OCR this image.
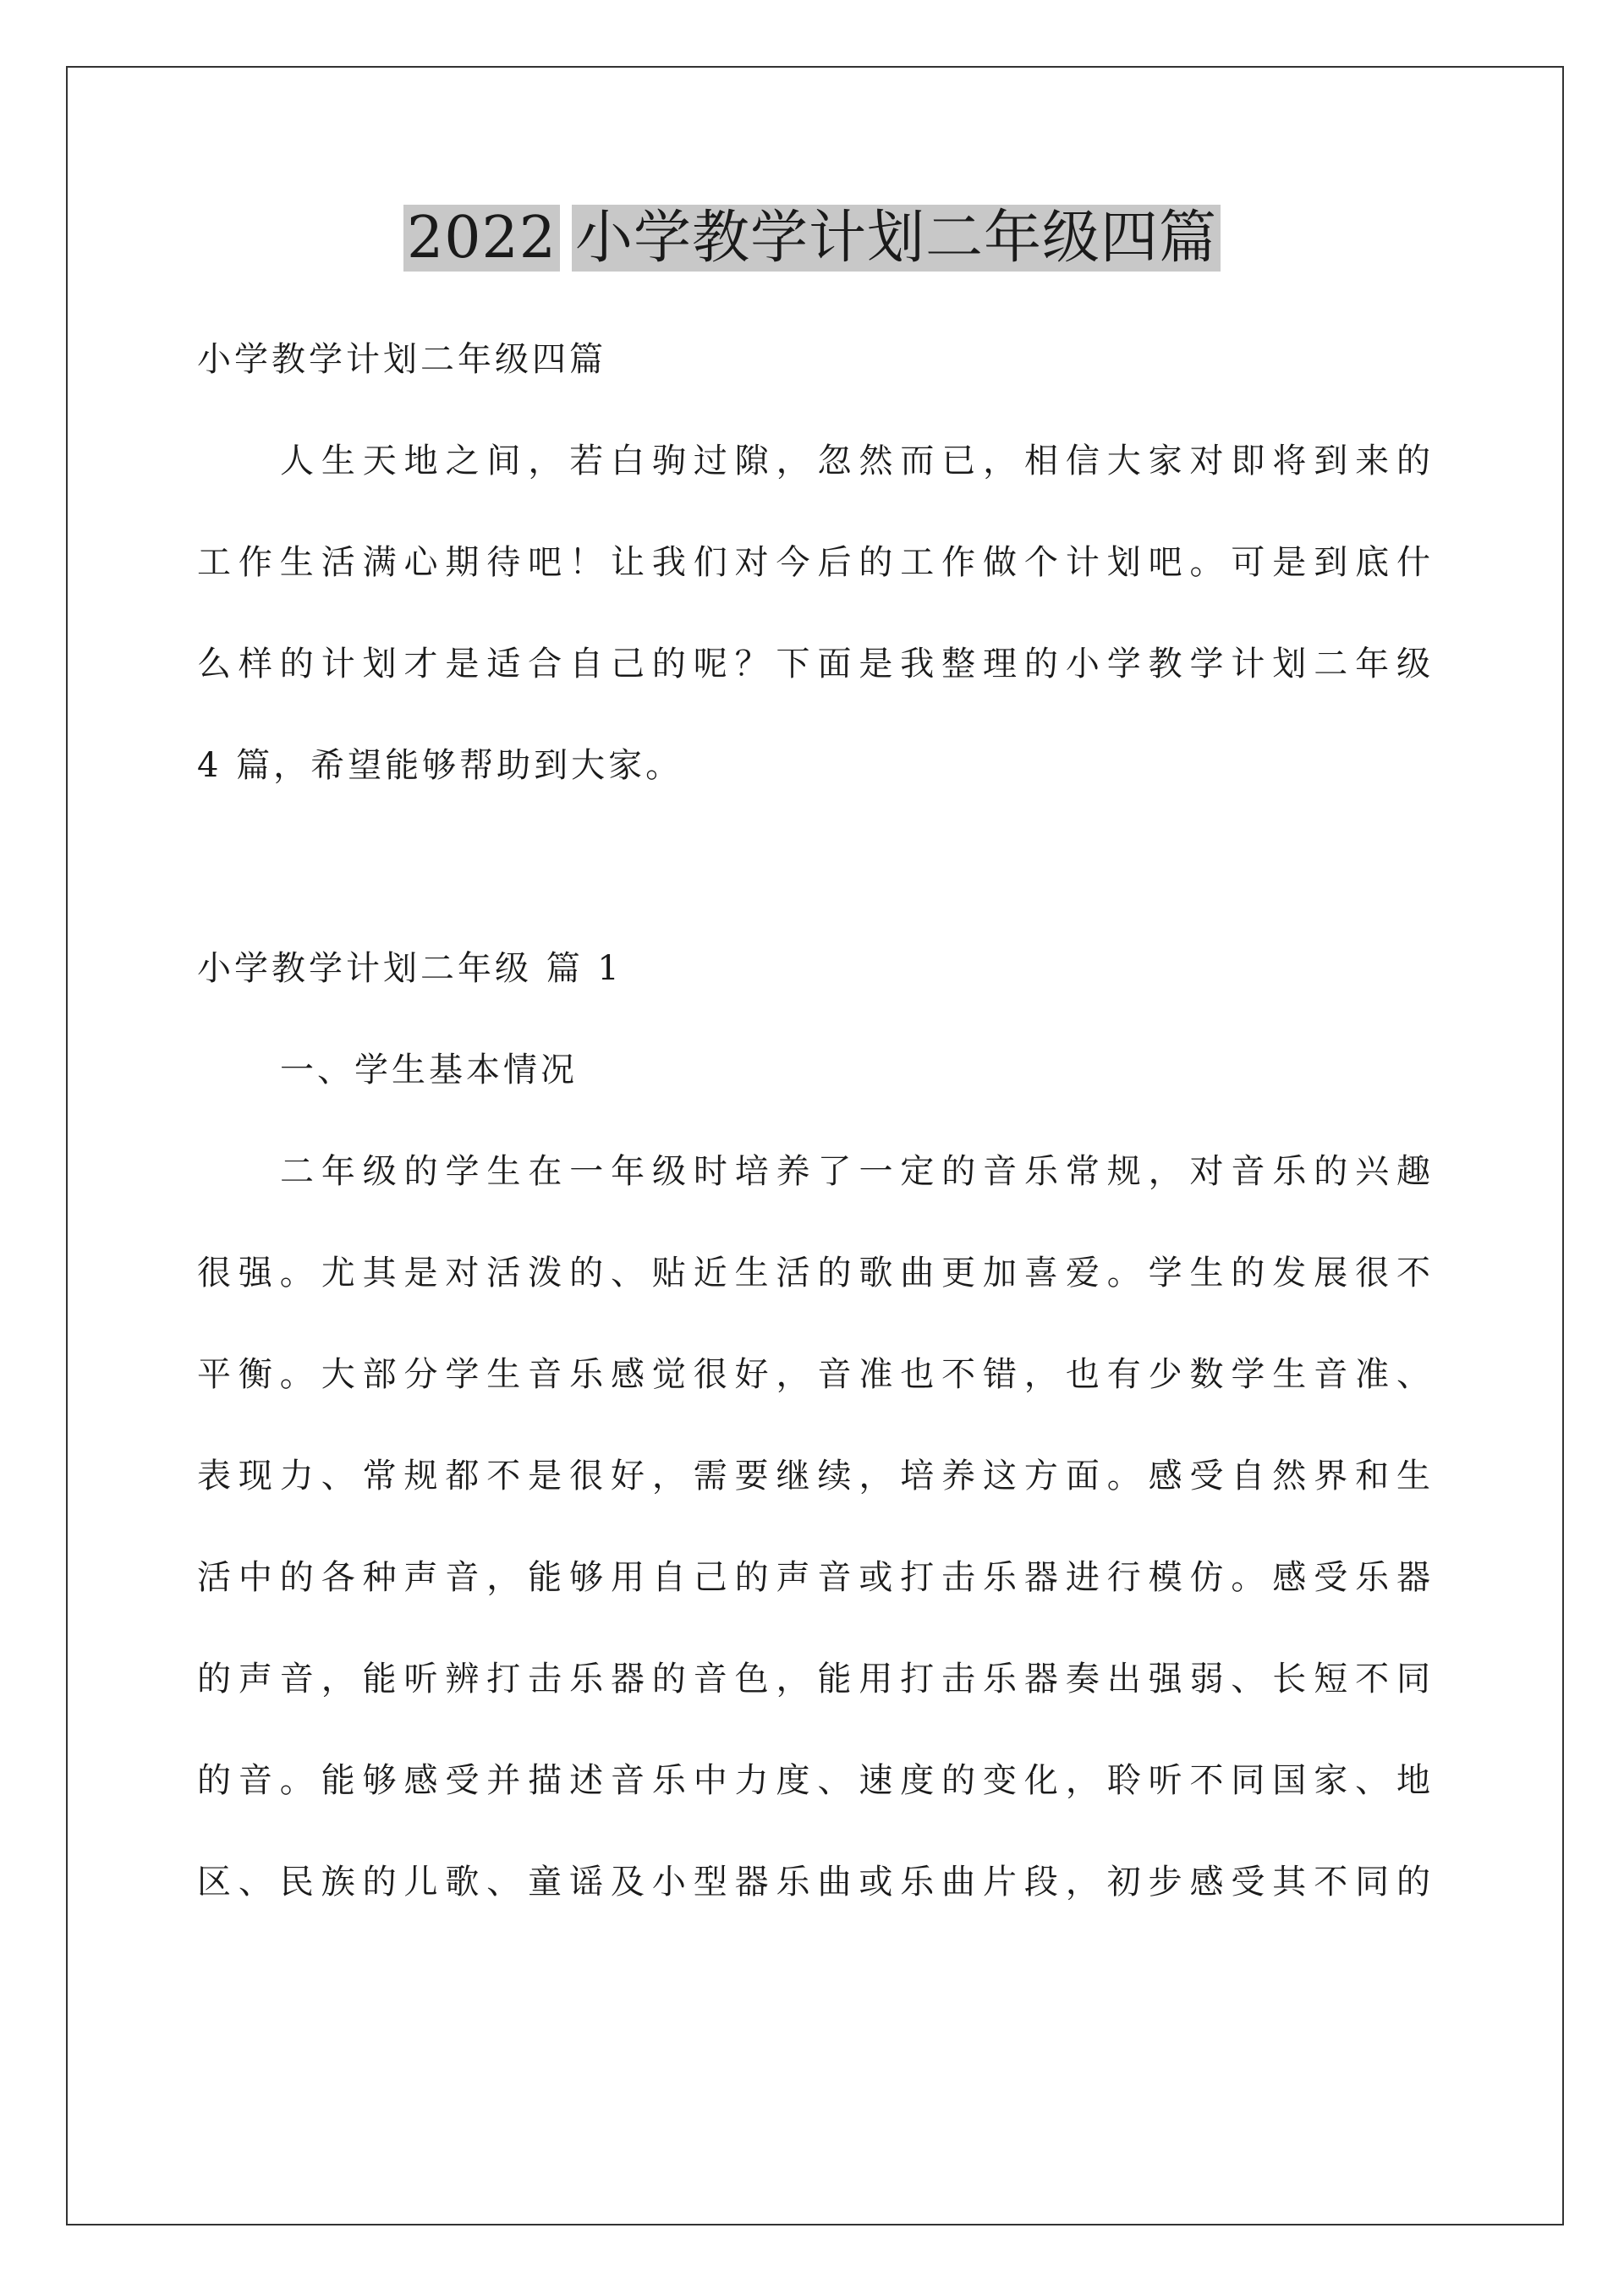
2022 小学教学计划二年级四篇
小学教学计划二年级四篇
人生天地之间，若白驹过隙，忽然而已，相信大家对即将到来的
工作生活满心期待吧！让我们对今后的工作做个计划吧。可是到底什
么样的计划才是适合自己的呢？下面是我整理的小学教学计划二年级
4 篇，希望能够帮助到大家。
小学教学计划二年级 篇 1
一、学生基本情况
二年级的学生在一年级时培养了一定的音乐常规，对音乐的兴趣
很强。尤其是对活泼的、贴近生活的歌曲更加喜爱。学生的发展很不
平衡。大部分学生音乐感觉很好，音准也不错，也有少数学生音准、
表现力、常规都不是很好，需要继续，培养这方面。感受自然界和生
活中的各种声音，能够用自己的声音或打击乐器进行模仿。感受乐器
的声音，能听辨打击乐器的音色，能用打击乐器奏出强弱、长短不同
的音。能够感受并描述音乐中力度、速度的变化，聆听不同国家、地
区、民族的儿歌、童谣及小型器乐曲或乐曲片段，初步感受其不同的
